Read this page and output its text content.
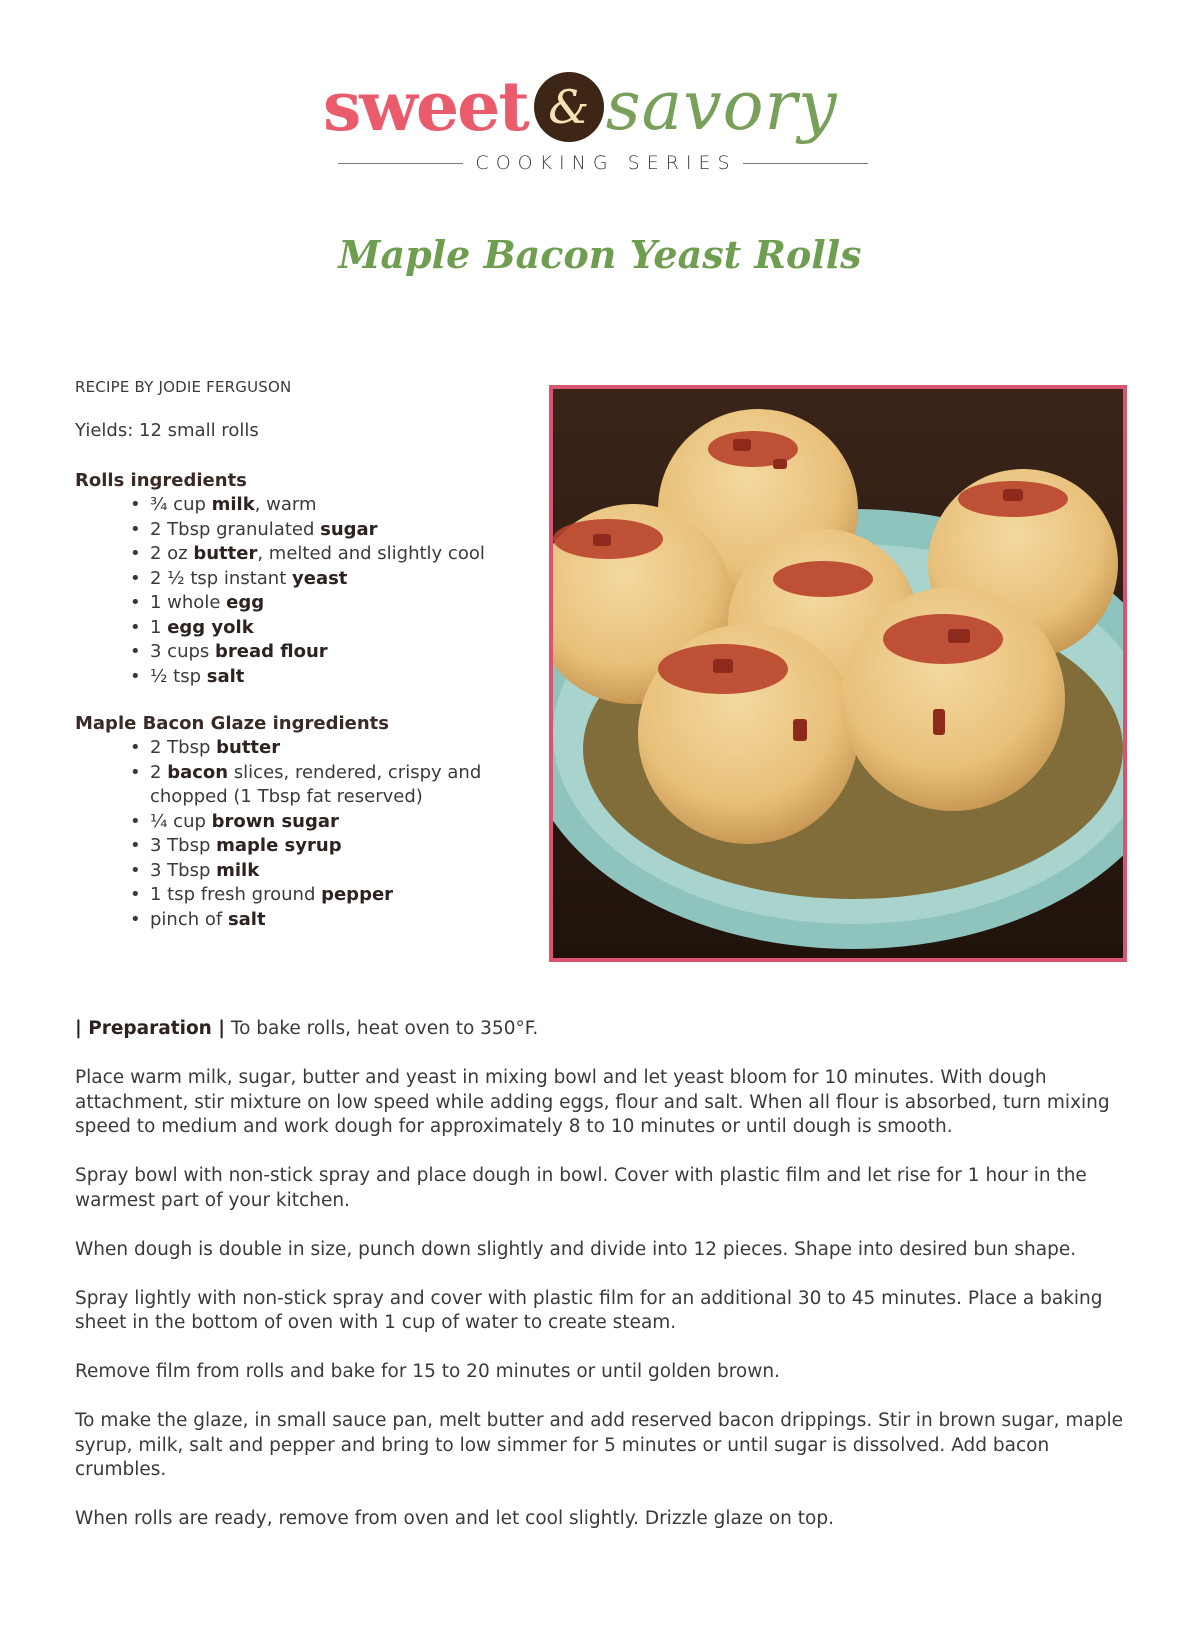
sweet & savory
COOKING SERIES
Maple Bacon Yeast Rolls
RECIPE BY JODIE FERGUSON
Yields: 12 small rolls
Rolls ingredients
• ¾ cup milk, warm
• 2 Tbsp granulated sugar
• 2 oz butter, melted and slightly cool
• 2 ½ tsp instant yeast
• 1 whole egg
• 1 egg yolk
• 3 cups bread flour
• ½ tsp salt
Maple Bacon Glaze ingredients
• 2 Tbsp butter
• 2 bacon slices, rendered, crispy and chopped (1 Tbsp fat reserved)
• ¼ cup brown sugar
• 3 Tbsp maple syrup
• 3 Tbsp milk
• 1 tsp fresh ground pepper
• pinch of salt

| Preparation | To bake rolls, heat oven to 350°F.

Place warm milk, sugar, butter and yeast in mixing bowl and let yeast bloom for 10 minutes. With dough attachment, stir mixture on low speed while adding eggs, flour and salt. When all flour is absorbed, turn mixing speed to medium and work dough for approximately 8 to 10 minutes or until dough is smooth.

Spray bowl with non-stick spray and place dough in bowl. Cover with plastic film and let rise for 1 hour in the warmest part of your kitchen.

When dough is double in size, punch down slightly and divide into 12 pieces. Shape into desired bun shape.

Spray lightly with non-stick spray and cover with plastic film for an additional 30 to 45 minutes. Place a baking sheet in the bottom of oven with 1 cup of water to create steam.

Remove film from rolls and bake for 15 to 20 minutes or until golden brown.

To make the glaze, in small sauce pan, melt butter and add reserved bacon drippings. Stir in brown sugar, maple syrup, milk, salt and pepper and bring to low simmer for 5 minutes or until sugar is dissolved. Add bacon crumbles.

When rolls are ready, remove from oven and let cool slightly. Drizzle glaze on top.
